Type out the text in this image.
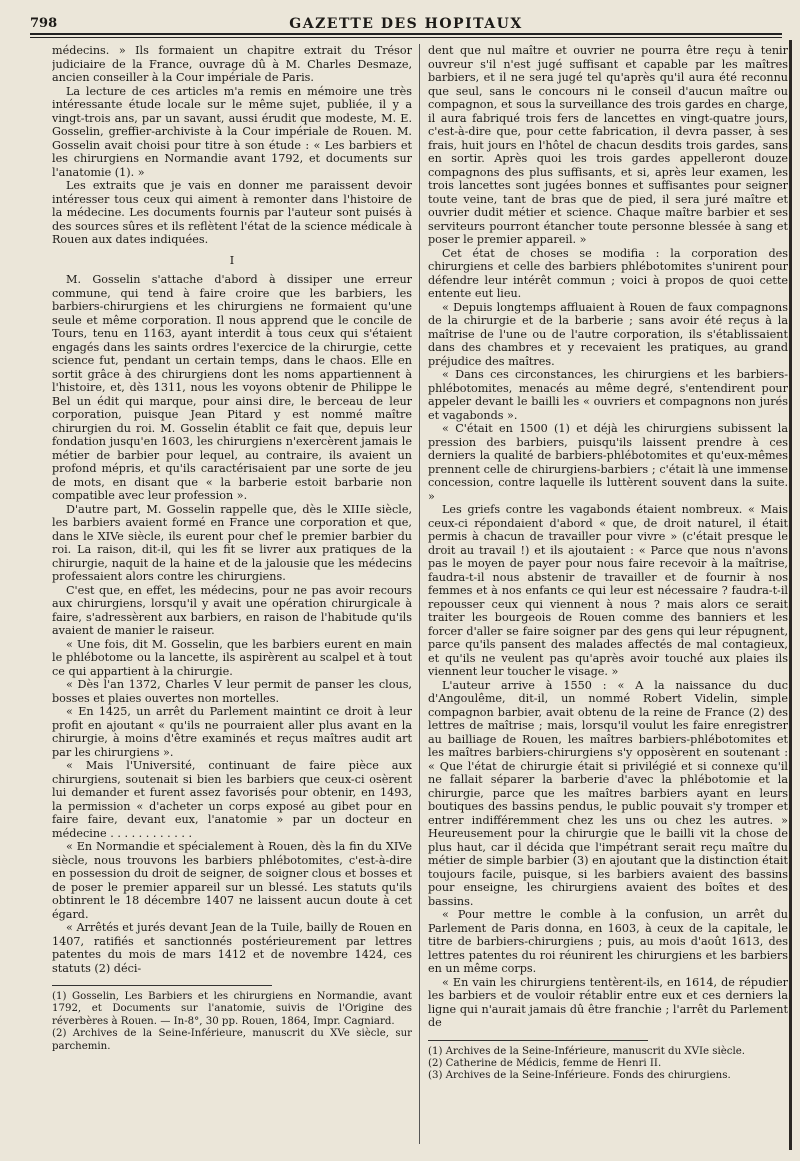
798	GAZETTE DES HOPITAUX

médecins. » Ils formaient un chapitre extrait du Trésor judiciaire de la France, ouvrage dû à M. Charles Desmaze, ancien conseiller à la Cour impériale de Paris.

La lecture de ces articles m'a remis en mémoire une très intéressante étude locale sur le même sujet, publiée, il y a vingt-trois ans, par un savant, aussi érudit que modeste, M. E. Gosselin, greffier-archiviste à la Cour impériale de Rouen. M. Gosselin avait choisi pour titre à son étude : « Les barbiers et les chirurgiens en Normandie avant 1792, et documents sur l'anatomie (1). »

Les extraits que je vais en donner me paraissent devoir intéresser tous ceux qui aiment à remonter dans l'histoire de la médecine. Les documents fournis par l'auteur sont puisés à des sources sûres et ils reflètent l'état de la science médicale à Rouen aux dates indiquées.

I

M. Gosselin s'attache d'abord à dissiper une erreur commune, qui tend à faire croire que les barbiers, les barbiers-chirurgiens et les chirurgiens ne formaient qu'une seule et même corporation. Il nous apprend que le concile de Tours, tenu en 1163, ayant interdit à tous ceux qui s'étaient engagés dans les saints ordres l'exercice de la chirurgie, cette science fut, pendant un certain temps, dans le chaos. Elle en sortit grâce à des chirurgiens dont les noms appartiennent à l'histoire, et, dès 1311, nous les voyons obtenir de Philippe le Bel un édit qui marque, pour ainsi dire, le berceau de leur corporation, puisque Jean Pitard y est nommé maître chirurgien du roi. M. Gosselin établit ce fait que, depuis leur fondation jusqu'en 1603, les chirurgiens n'exercèrent jamais le métier de barbier pour lequel, au contraire, ils avaient un profond mépris, et qu'ils caractérisaient par une sorte de jeu de mots, en disant que « la barberie estoit barbarie non compatible avec leur profession ».

D'autre part, M. Gosselin rappelle que, dès le XIIIe siècle, les barbiers avaient formé en France une corporation et que, dans le XIVe siècle, ils eurent pour chef le premier barbier du roi. La raison, dit-il, qui les fit se livrer aux pratiques de la chirurgie, naquit de la haine et de la jalousie que les médecins professaient alors contre les chirurgiens.

C'est que, en effet, les médecins, pour ne pas avoir recours aux chirurgiens, lorsqu'il y avait une opération chirurgicale à faire, s'adressèrent aux barbiers, en raison de l'habitude qu'ils avaient de manier le raiseur.

« Une fois, dit M. Gosselin, que les barbiers eurent en main le phlébotome ou la lancette, ils aspirèrent au scalpel et à tout ce qui appartient à la chirurgie.

« Dès l'an 1372, Charles V leur permit de panser les clous, bosses et plaies ouvertes non mortelles.

« En 1425, un arrêt du Parlement maintint ce droit à leur profit en ajoutant « qu'ils ne pourraient aller plus avant en la chirurgie, à moins d'être examinés et reçus maîtres audit art par les chirurgiens ».

« Mais l'Université, continuant de faire pièce aux chirurgiens, soutenait si bien les barbiers que ceux-ci osèrent lui demander et furent assez favorisés pour obtenir, en 1493, la permission « d'acheter un corps exposé au gibet pour en faire faire, devant eux, l'anatomie » par un docteur en médecine . . . . . . . . . . . .

« En Normandie et spécialement à Rouen, dès la fin du XIVe siècle, nous trouvons les barbiers phlébotomites, c'est-à-dire en possession du droit de seigner, de soigner clous et bosses et de poser le premier appareil sur un blessé. Les statuts qu'ils obtinrent le 18 décembre 1407 ne laissent aucun doute à cet égard.

« Arrêtés et jurés devant Jean de la Tuile, bailly de Rouen en 1407, ratifiés et sanctionnés postérieurement par lettres patentes du mois de mars 1412 et de novembre 1424, ces statuts (2) déci-

(1) Gosselin, Les Barbiers et les chirurgiens en Normandie, avant 1792, et Documents sur l'anatomie, suivis de l'Origine des réverbères à Rouen. — In-8°, 30 pp. Rouen, 1864, Impr. Cagniard.

(2) Archives de la Seine-Inférieure, manuscrit du XVe siècle, sur parchemin.

dent que nul maître et ouvrier ne pourra être reçu à tenir ouvreur s'il n'est jugé suffisant et capable par les maîtres barbiers, et il ne sera jugé tel qu'après qu'il aura été reconnu que seul, sans le concours ni le conseil d'aucun maître ou compagnon, et sous la surveillance des trois gardes en charge, il aura fabriqué trois fers de lancettes en vingt-quatre jours, c'est-à-dire que, pour cette fabrication, il devra passer, à ses frais, huit jours en l'hôtel de chacun desdits trois gardes, sans en sortir. Après quoi les trois gardes appelleront douze compagnons des plus suffisants, et si, après leur examen, les trois lancettes sont jugées bonnes et suffisantes pour seigner toute veine, tant de bras que de pied, il sera juré maître et ouvrier dudit métier et science. Chaque maître barbier et ses serviteurs pourront étancher toute personne blessée à sang et poser le premier appareil. »

Cet état de choses se modifia : la corporation des chirurgiens et celle des barbiers phlébotomites s'unirent pour défendre leur intérêt commun ; voici à propos de quoi cette entente eut lieu.

« Depuis longtemps affluaient à Rouen de faux compagnons de la chirurgie et de la barberie ; sans avoir été reçus à la maîtrise de l'une ou de l'autre corporation, ils s'établissaient dans des chambres et y recevaient les pratiques, au grand préjudice des maîtres.

« Dans ces circonstances, les chirurgiens et les barbiers-phlébotomites, menacés au même degré, s'entendirent pour appeler devant le bailli les « ouvriers et compagnons non jurés et vagabonds ».

« C'était en 1500 (1) et déjà les chirurgiens subissent la pression des barbiers, puisqu'ils laissent prendre à ces derniers la qualité de barbiers-phlébotomites et qu'eux-mêmes prennent celle de chirurgiens-barbiers ; c'était là une immense concession, contre laquelle ils luttèrent souvent dans la suite. »

Les griefs contre les vagabonds étaient nombreux. « Mais ceux-ci répondaient d'abord « que, de droit naturel, il était permis à chacun de travailler pour vivre » (c'était presque le droit au travail !) et ils ajoutaient : « Parce que nous n'avons pas le moyen de payer pour nous faire recevoir à la maîtrise, faudra-t-il nous abstenir de travailler et de fournir à nos femmes et à nos enfants ce qui leur est nécessaire ? faudra-t-il repousser ceux qui viennent à nous ? mais alors ce serait traiter les bourgeois de Rouen comme des banniers et les forcer d'aller se faire soigner par des gens qui leur répugnent, parce qu'ils pansent des malades affectés de mal contagieux, et qu'ils ne veulent pas qu'après avoir touché aux plaies ils viennent leur toucher le visage. »

L'auteur arrive à 1550 : « A la naissance du duc d'Angoulême, dit-il, un nommé Robert Videlin, simple compagnon barbier, avait obtenu de la reine de France (2) des lettres de maîtrise ; mais, lorsqu'il voulut les faire enregistrer au bailliage de Rouen, les maîtres barbiers-phlébotomites et les maîtres barbiers-chirurgiens s'y opposèrent en soutenant : « Que l'état de chirurgie était si privilégié et si connexe qu'il ne fallait séparer la barberie d'avec la phlébotomie et la chirurgie, parce que les maîtres barbiers ayant en leurs boutiques des bassins pendus, le public pouvait s'y tromper et entrer indifféremment chez les uns ou chez les autres. » Heureusement pour la chirurgie que le bailli vit la chose de plus haut, car il décida que l'impétrant serait reçu maître du métier de simple barbier (3) en ajoutant que la distinction était toujours facile, puisque, si les barbiers avaient des bassins pour enseigne, les chirurgiens avaient des boîtes et des bassins.

« Pour mettre le comble à la confusion, un arrêt du Parlement de Paris donna, en 1603, à ceux de la capitale, le titre de barbiers-chirurgiens ; puis, au mois d'août 1613, des lettres patentes du roi réunirent les chirurgiens et les barbiers en un même corps.

« En vain les chirurgiens tentèrent-ils, en 1614, de répudier les barbiers et de vouloir rétablir entre eux et ces derniers la ligne qui n'aurait jamais dû être franchie ; l'arrêt du Parlement de

(1) Archives de la Seine-Inférieure, manuscrit du XVIe siècle.

(2) Catherine de Médicis, femme de Henri II.

(3) Archives de la Seine-Inférieure. Fonds des chirurgiens.
